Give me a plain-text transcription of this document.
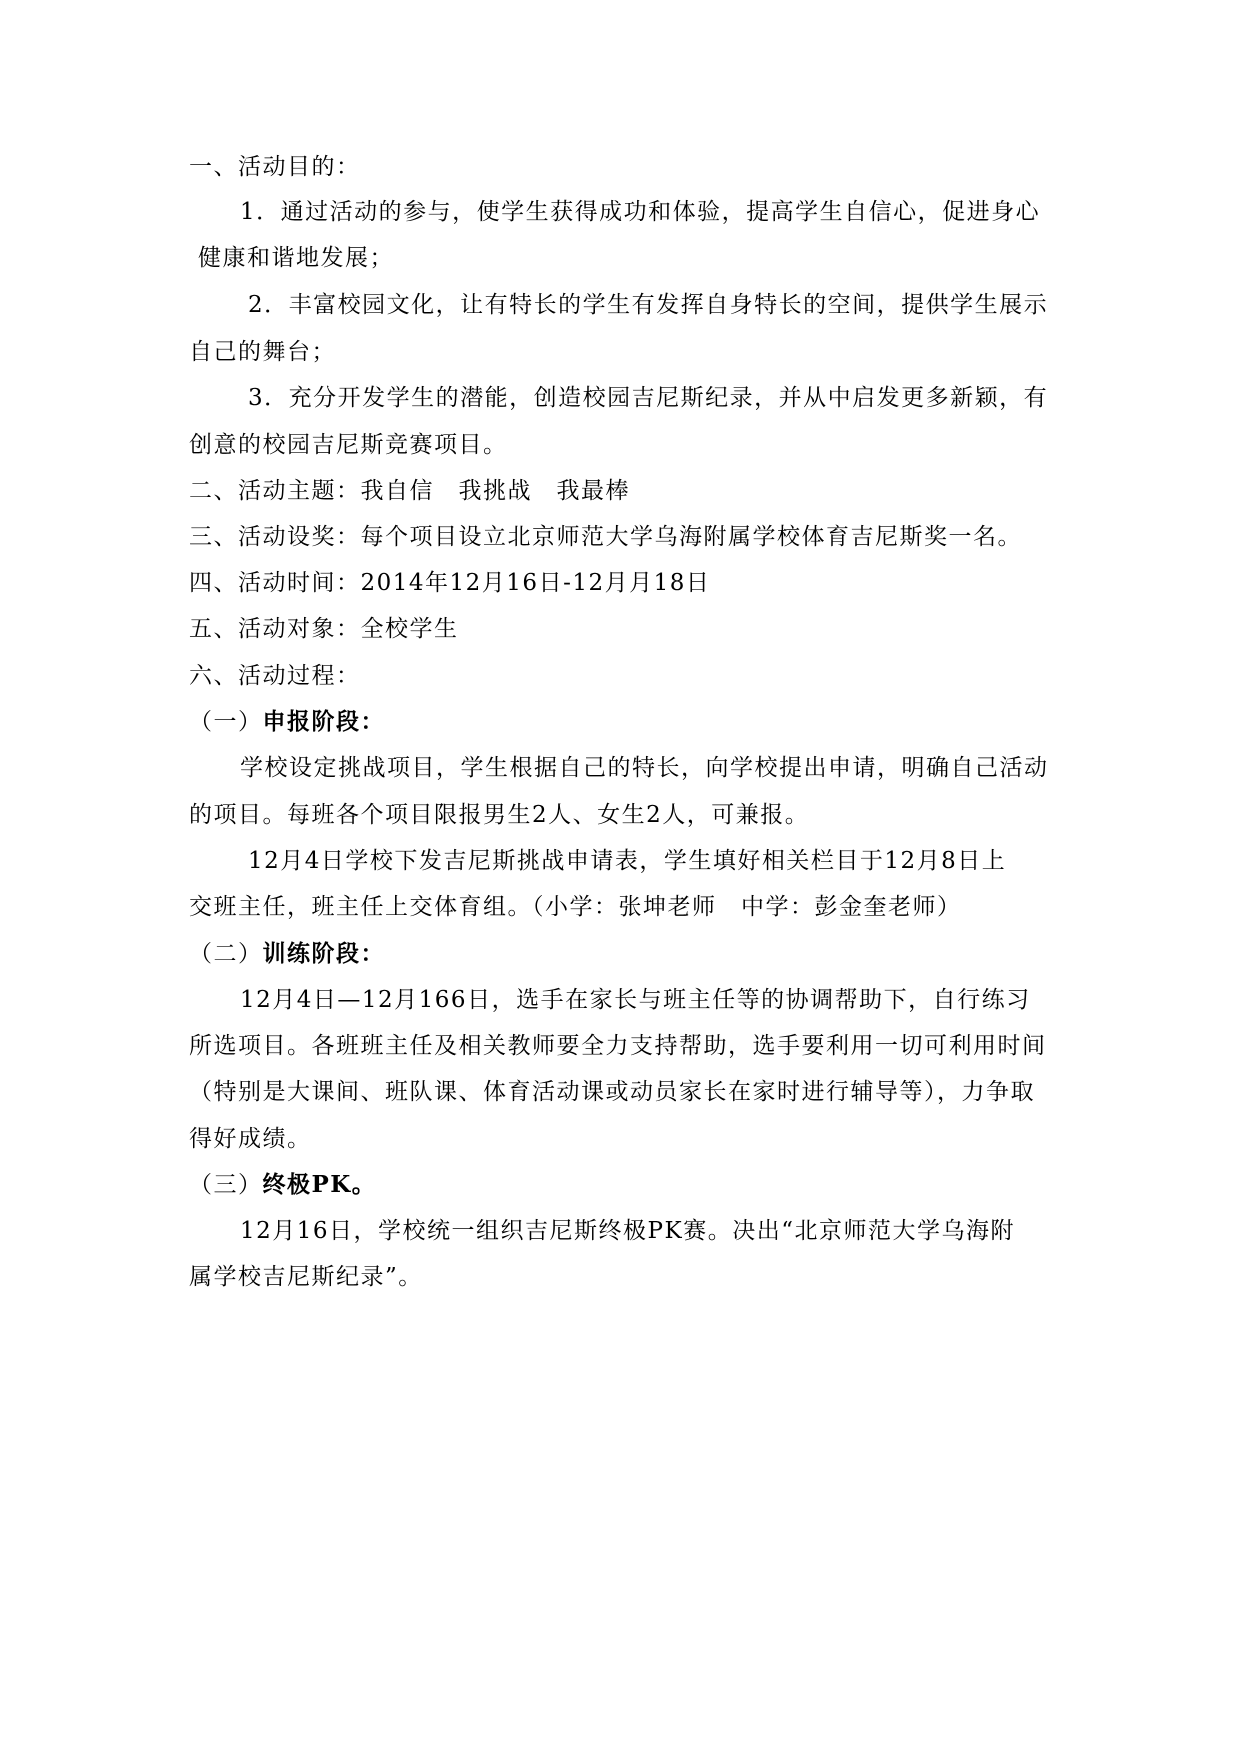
一、活动目的：
1．通过活动的参与，使学生获得成功和体验，提高学生自信心，促进身心
健康和谐地发展；
2．丰富校园文化，让有特长的学生有发挥自身特长的空间，提供学生展示
自己的舞台；
3．充分开发学生的潜能，创造校园吉尼斯纪录，并从中启发更多新颖，有
创意的校园吉尼斯竞赛项目。
二、活动主题：我自信　我挑战　我最棒
三、活动设奖：每个项目设立北京师范大学乌海附属学校体育吉尼斯奖一名。
四、活动时间：2014年12月16日-12月月18日
五、活动对象：全校学生
六、活动过程：
（一）申报阶段：
学校设定挑战项目，学生根据自己的特长，向学校提出申请，明确自己活动
的项目。每班各个项目限报男生2人、女生2人，可兼报。
12月4日学校下发吉尼斯挑战申请表，学生填好相关栏目于12月8日上
交班主任，班主任上交体育组。（小学：张坤老师　中学：彭金奎老师）
（二）训练阶段：
12月4日—12月166日，选手在家长与班主任等的协调帮助下，自行练习
所选项目。各班班主任及相关教师要全力支持帮助，选手要利用一切可利用时间
（特别是大课间、班队课、体育活动课或动员家长在家时进行辅导等），力争取
得好成绩。
（三）终极PK。
12月16日，学校统一组织吉尼斯终极PK赛。决出“北京师范大学乌海附
属学校吉尼斯纪录”。
